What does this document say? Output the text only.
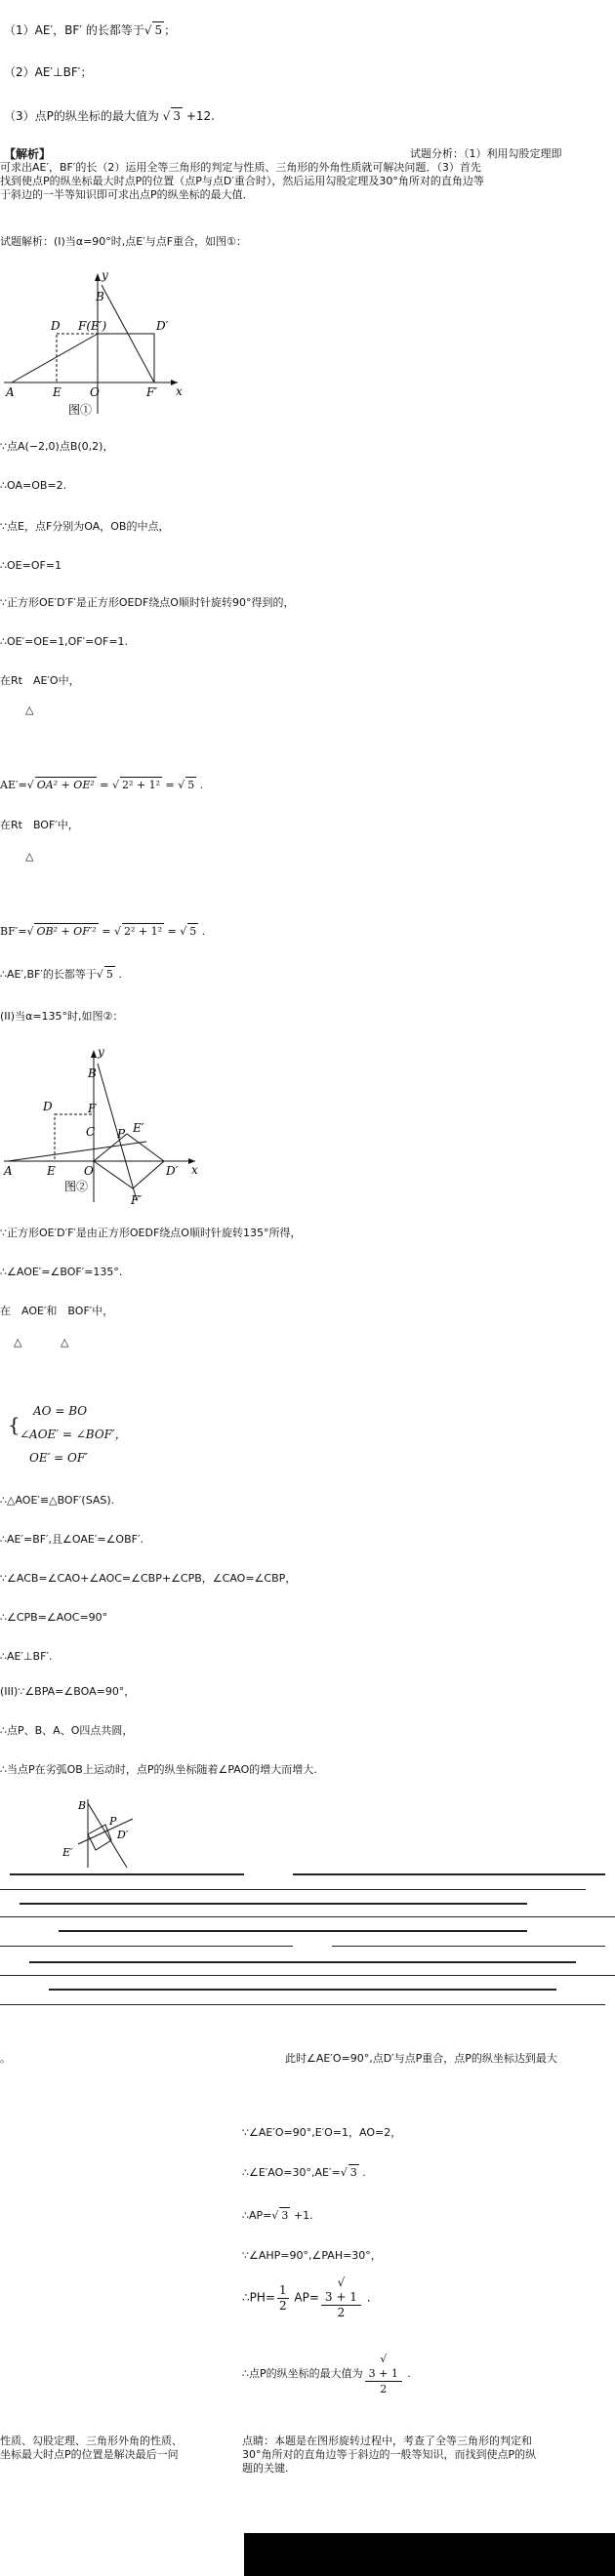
（1）AE′，BF′ 的长都等于√ 5 ；
（2）AE′⊥BF′；
（3）点P的纵坐标的最大值为 √ 3 +12.
【解析】	试题分析：（1）利用勾股定理即
可求出AE′，BF′的长（2）运用全等三角形的判定与性质、三角形的外角性质就可解决问题．（3）首先
找到使点P的纵坐标最大时点P的位置（点P与点D′重合时），然后运用勾股定理及30°角所对的直角边等
于斜边的一半等知识即可求出点P的纵坐标的最大值．
试题解析：(I)当α=90°时,点E′与点F重合，如图①：
A	E O	F′ x
y
B
D F(E′)	D′
图①
∵点A(−2,0)点B(0,2)，
∴OA=OB=2.
∵点E，点F分别为OA，OB的中点，
∴OE=OF=1
∵正方形OE′D′F′是正方形OEDF绕点O顺时针旋转90°得到的，
∴OE′=OE=1,OF′=OF=1.
在Rt　AE′O中，
△
AE′=√ OA² + OE² = √ 2² + 1² = √ 5 .
在Rt　BOF′中，
△
BF′=√ OB² + OF′² = √ 2² + 1² = √ 5 .
∴AE′,BF′的长都等于√ 5 .
(II)当α=135°时,如图②：
A	E O	D′ x
y
B
D	F
C P E′
F′
图②
∵正方形OE′D′F′是由正方形OEDF绕点O顺时针旋转135°所得，
∴∠AOE′=∠BOF′=135°.
在　AOE′和　BOF′中，
△	△
AO = BO
{ ∠AOE′ = ∠BOF′，
OE′ = OF′
∴△AOE′≌△BOF′(SAS).
∴AE′=BF′,且∠OAE′=∠OBF′.
∵∠ACB=∠CAO+∠AOC=∠CBP+∠CPB，∠CAO=∠CBP，
∴∠CPB=∠AOC=90°
∴AE′⊥BF′.
(III)∵∠BPA=∠BOA=90°，
∴点P、B、A、O四点共圆，
∴当点P在劣弧OB上运动时，点P的纵坐标随着∠PAO的增大而增大.
B
P
D′
E′
。	此时∠AE′O=90°,点D′与点P重合，点P的纵坐标达到最大
∵∠AE′O=90°,E′O=1，AO=2，
∴∠E′AO=30°,AE′=√ 3 .
∴AP=√ 3 +1.
∵∠AHP=90°,∠PAH=30°，
∴PH= $\frac{1}{2} AP=$ √
3 + 1
2 .
∴点P的纵坐标的最大值为 √
3 + 1
2 .
性质、勾股定理、三角形外角的性质、
坐标最大时点P的位置是解决最后一问
点睛：本题是在图形旋转过程中，考查了全等三角形的判定和
30°角所对的直角边等于斜边的一般等知识，而找到使点P的纵
题的关键.
